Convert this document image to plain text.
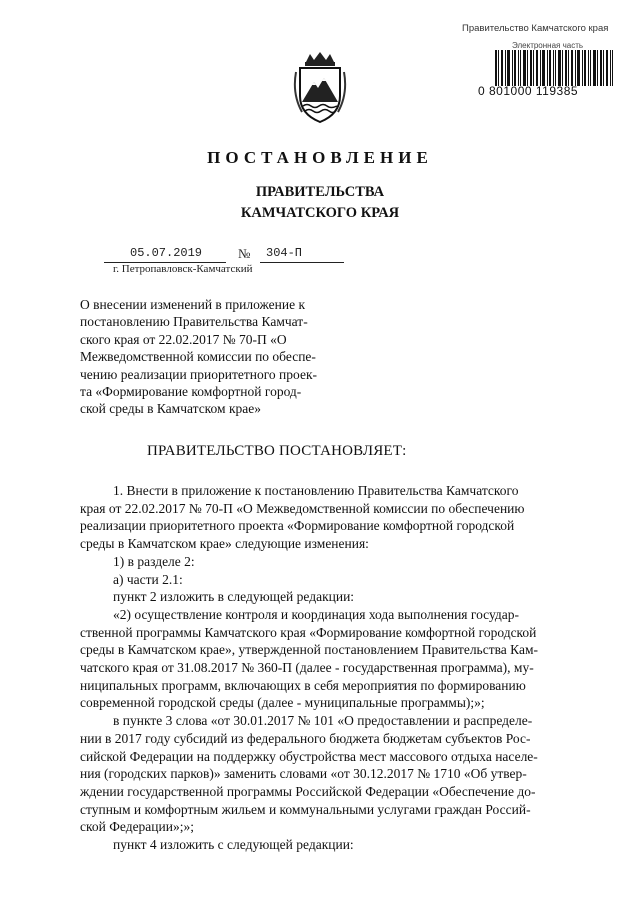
Правительство Камчатского края
Электронная часть
0 801000 119385
ПОСТАНОВЛЕНИЕ
ПРАВИТЕЛЬСТВА
КАМЧАТСКОГО КРАЯ
05.07.2019	№ 304-П
г. Петропавловск-Камчатский
О внесении изменений в приложение к
постановлению Правительства Камчат-
ского края от 22.02.2017 № 70-П «О
Межведомственной комиссии по обеспе-
чению реализации приоритетного проек-
та «Формирование комфортной город-
ской среды в Камчатском крае»
ПРАВИТЕЛЬСТВО ПОСТАНОВЛЯЕТ:
1. Внести в приложение к постановлению Правительства Камчатского
края от 22.02.2017 № 70-П «О Межведомственной комиссии по обеспечению
реализации приоритетного проекта «Формирование комфортной городской
среды в Камчатском крае» следующие изменения:
1) в разделе 2:
а) части 2.1:
пункт 2 изложить в следующей редакции:
«2) осуществление контроля и координация хода выполнения государ-
ственной программы Камчатского края «Формирование комфортной городской
среды в Камчатском крае», утвержденной постановлением Правительства Кам-
чатского края от 31.08.2017 № 360-П (далее - государственная программа), му-
ниципальных программ, включающих в себя мероприятия по формированию
современной городской среды (далее - муниципальные программы);»;
в пункте 3 слова «от 30.01.2017 № 101 «О предоставлении и распределе-
нии в 2017 году субсидий из федерального бюджета бюджетам субъектов Рос-
сийской Федерации на поддержку обустройства мест массового отдыха населе-
ния (городских парков)» заменить словами «от 30.12.2017 № 1710 «Об утвер-
ждении государственной программы Российской Федерации «Обеспечение до-
ступным и комфортным жильем и коммунальными услугами граждан Россий-
ской Федерации»;»;
пункт 4 изложить с следующей редакции:
